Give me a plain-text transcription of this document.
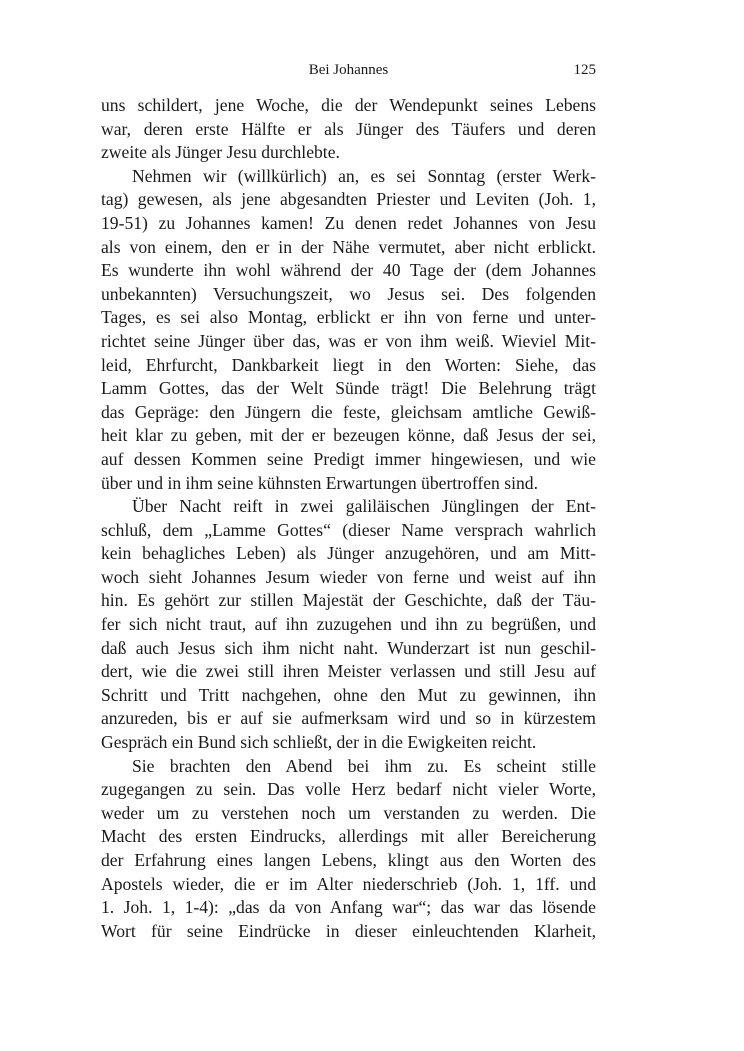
Bei Johannes	125
uns schildert, jene Woche, die der Wendepunkt seines Lebens
war, deren erste Hälfte er als Jünger des Täufers und deren
zweite als Jünger Jesu durchlebte.
Nehmen wir (willkürlich) an, es sei Sonntag (erster Werk-
tag) gewesen, als jene abgesandten Priester und Leviten (Joh. 1,
19-51) zu Johannes kamen! Zu denen redet Johannes von Jesu
als von einem, den er in der Nähe vermutet, aber nicht erblickt.
Es wunderte ihn wohl während der 40 Tage der (dem Johannes
unbekannten) Versuchungszeit, wo Jesus sei. Des folgenden
Tages, es sei also Montag, erblickt er ihn von ferne und unter-
richtet seine Jünger über das, was er von ihm weiß. Wieviel Mit-
leid, Ehrfurcht, Dankbarkeit liegt in den Worten: Siehe, das
Lamm Gottes, das der Welt Sünde trägt! Die Belehrung trägt
das Gepräge: den Jüngern die feste, gleichsam amtliche Gewiß-
heit klar zu geben, mit der er bezeugen könne, daß Jesus der sei,
auf dessen Kommen seine Predigt immer hingewiesen, und wie
über und in ihm seine kühnsten Erwartungen übertroffen sind.
Über Nacht reift in zwei galiläischen Jünglingen der Ent-
schluß, dem „Lamme Gottes“ (dieser Name versprach wahrlich
kein behagliches Leben) als Jünger anzugehören, und am Mitt-
woch sieht Johannes Jesum wieder von ferne und weist auf ihn
hin. Es gehört zur stillen Majestät der Geschichte, daß der Täu-
fer sich nicht traut, auf ihn zuzugehen und ihn zu begrüßen, und
daß auch Jesus sich ihm nicht naht. Wunderzart ist nun geschil-
dert, wie die zwei still ihren Meister verlassen und still Jesu auf
Schritt und Tritt nachgehen, ohne den Mut zu gewinnen, ihn
anzureden, bis er auf sie aufmerksam wird und so in kürzestem
Gespräch ein Bund sich schließt, der in die Ewigkeiten reicht.
Sie brachten den Abend bei ihm zu. Es scheint stille
zugegangen zu sein. Das volle Herz bedarf nicht vieler Worte,
weder um zu verstehen noch um verstanden zu werden. Die
Macht des ersten Eindrucks, allerdings mit aller Bereicherung
der Erfahrung eines langen Lebens, klingt aus den Worten des
Apostels wieder, die er im Alter niederschrieb (Joh. 1, 1ff. und
1. Joh. 1, 1-4): „das da von Anfang war“; das war das lösende
Wort für seine Eindrücke in dieser einleuchtenden Klarheit,
